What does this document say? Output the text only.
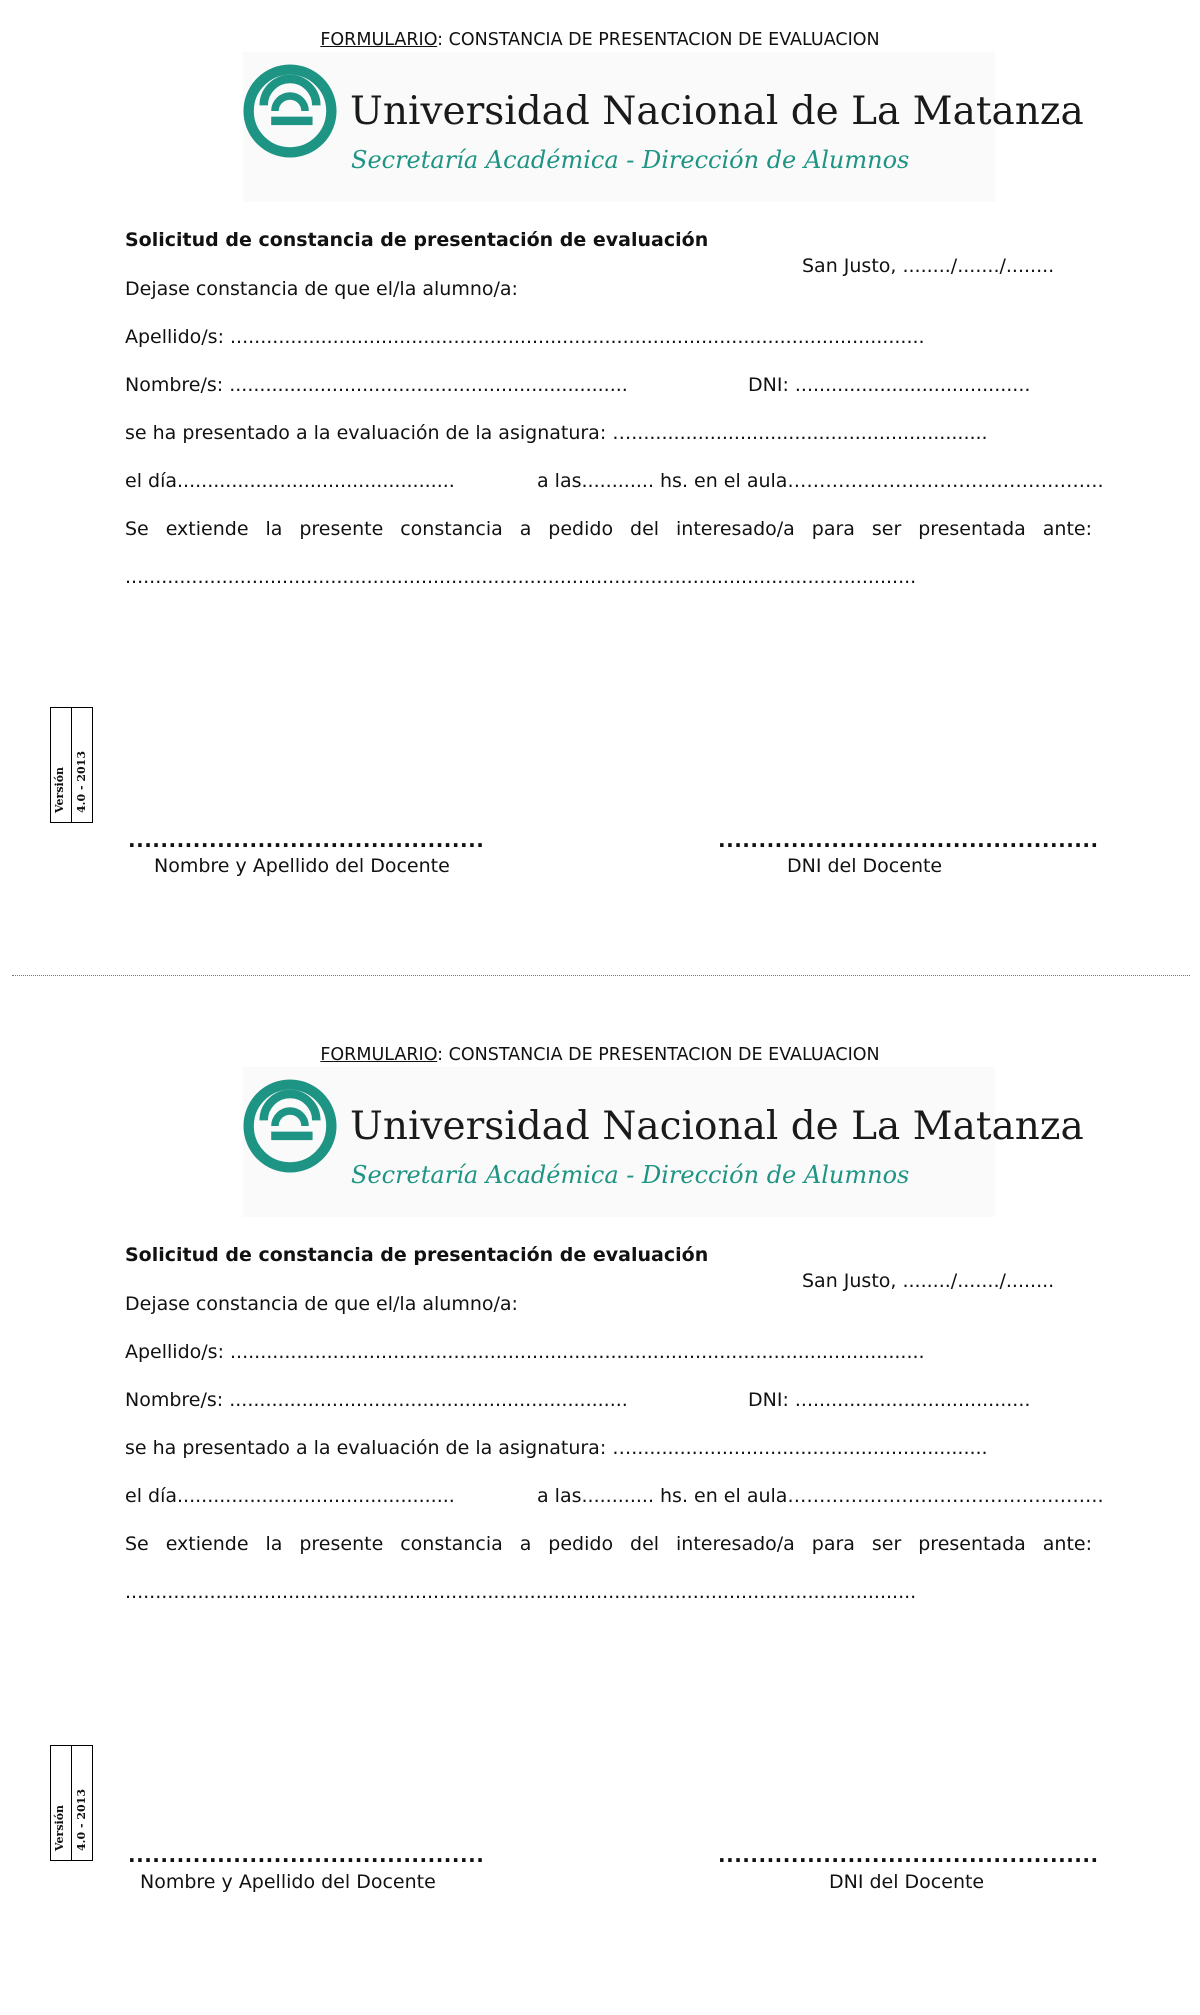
FORMULARIO: CONSTANCIA DE PRESENTACION DE EVALUACION
Universidad Nacional de La Matanza
Secretaría Académica - Dirección de Alumnos
Solicitud de constancia de presentación de evaluación
San Justo, ......../......./........
Dejase constancia de que el/la alumno/a:
Apellido/s: ...................................................................................................................
Nombre/s: ..................................................................	DNI: .......................................
se ha presentado a la evaluación de la asignatura: …...........................................................
el día..............................................	a las............ hs. en el aula…………………………………………..
Se extiende la presente constancia a pedido del interesado/a para ser presentada ante:
...................................................................................................................................
Versión 4.0 - 2013
............................................
Nombre y Apellido del Docente
...............................................
DNI del Docente
FORMULARIO: CONSTANCIA DE PRESENTACION DE EVALUACION
Universidad Nacional de La Matanza
Secretaría Académica - Dirección de Alumnos
Solicitud de constancia de presentación de evaluación
San Justo, ......../......./........
Dejase constancia de que el/la alumno/a:
Apellido/s: ...................................................................................................................
Nombre/s: ..................................................................	DNI: .......................................
se ha presentado a la evaluación de la asignatura: …...........................................................
el día..............................................	a las............ hs. en el aula…………………………………………..
Se extiende la presente constancia a pedido del interesado/a para ser presentada ante:
...................................................................................................................................
Versión 4.0 - 2013
............................................
Nombre y Apellido del Docente
...............................................
DNI del Docente
